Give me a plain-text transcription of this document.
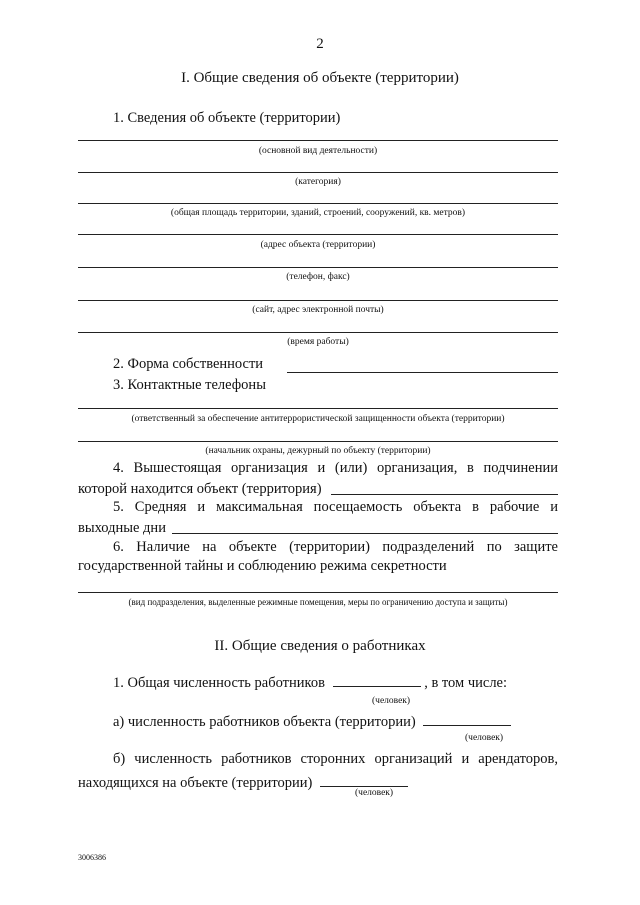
2
I. Общие сведения об объекте (территории)
1. Сведения об объекте (территории)
(основной вид деятельности)
(категория)
(общая площадь территории, зданий, строений, сооружений, кв. метров)
(адрес объекта (территории)
(телефон, факс)
(сайт, адрес электронной почты)
(время работы)
2. Форма собственности
3. Контактные телефоны
(ответственный за обеспечение антитеррористической защищенности объекта (территории)
(начальник охраны, дежурный по объекту (территории)
4. Вышестоящая организация и (или) организация, в подчинении
которой находится объект (территория)
5. Средняя и максимальная посещаемость объекта в рабочие и
выходные дни
6. Наличие на объекте (территории) подразделений по защите
государственной тайны и соблюдению режима секретности
(вид подразделения, выделенные режимные помещения, меры по ограничению доступа и защиты)
II. Общие сведения о работниках
1. Общая численность работников	, в том числе:
(человек)
а) численность работников объекта (территории)
(человек)
б) численность работников сторонних организаций и арендаторов,
находящихся на объекте (территории)
(человек)
3006386
